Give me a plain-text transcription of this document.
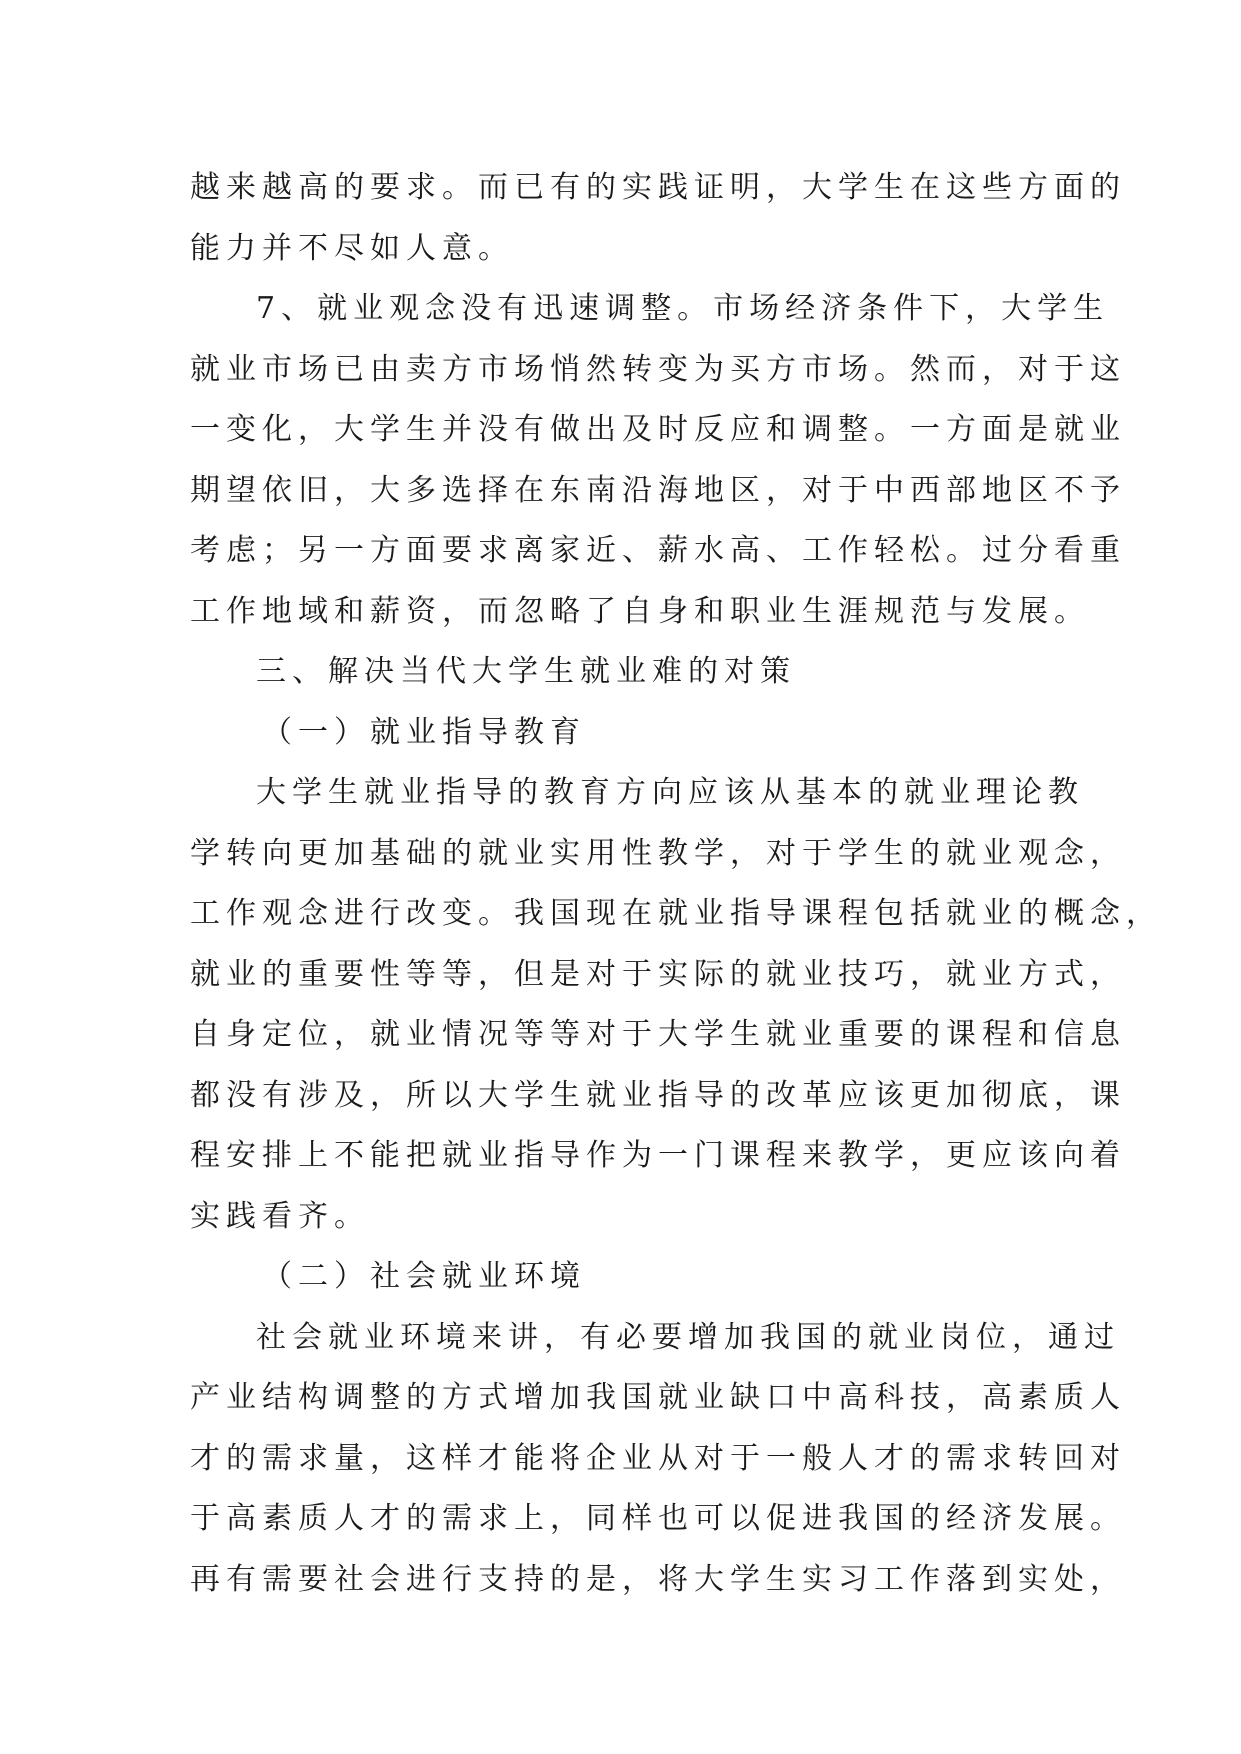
越来越高的要求。而已有的实践证明，大学生在这些方面的
能力并不尽如人意。
7、就业观念没有迅速调整。市场经济条件下，大学生
就业市场已由卖方市场悄然转变为买方市场。然而，对于这
一变化，大学生并没有做出及时反应和调整。一方面是就业
期望依旧，大多选择在东南沿海地区，对于中西部地区不予
考虑；另一方面要求离家近、薪水高、工作轻松。过分看重
工作地域和薪资，而忽略了自身和职业生涯规范与发展。
三、解决当代大学生就业难的对策
（一）就业指导教育
大学生就业指导的教育方向应该从基本的就业理论教
学转向更加基础的就业实用性教学，对于学生的就业观念，
工作观念进行改变。我国现在就业指导课程包括就业的概念，
就业的重要性等等，但是对于实际的就业技巧，就业方式，
自身定位，就业情况等等对于大学生就业重要的课程和信息
都没有涉及，所以大学生就业指导的改革应该更加彻底，课
程安排上不能把就业指导作为一门课程来教学，更应该向着
实践看齐。
（二）社会就业环境
社会就业环境来讲，有必要增加我国的就业岗位，通过
产业结构调整的方式增加我国就业缺口中高科技，高素质人
才的需求量，这样才能将企业从对于一般人才的需求转回对
于高素质人才的需求上，同样也可以促进我国的经济发展。
再有需要社会进行支持的是，将大学生实习工作落到实处，
